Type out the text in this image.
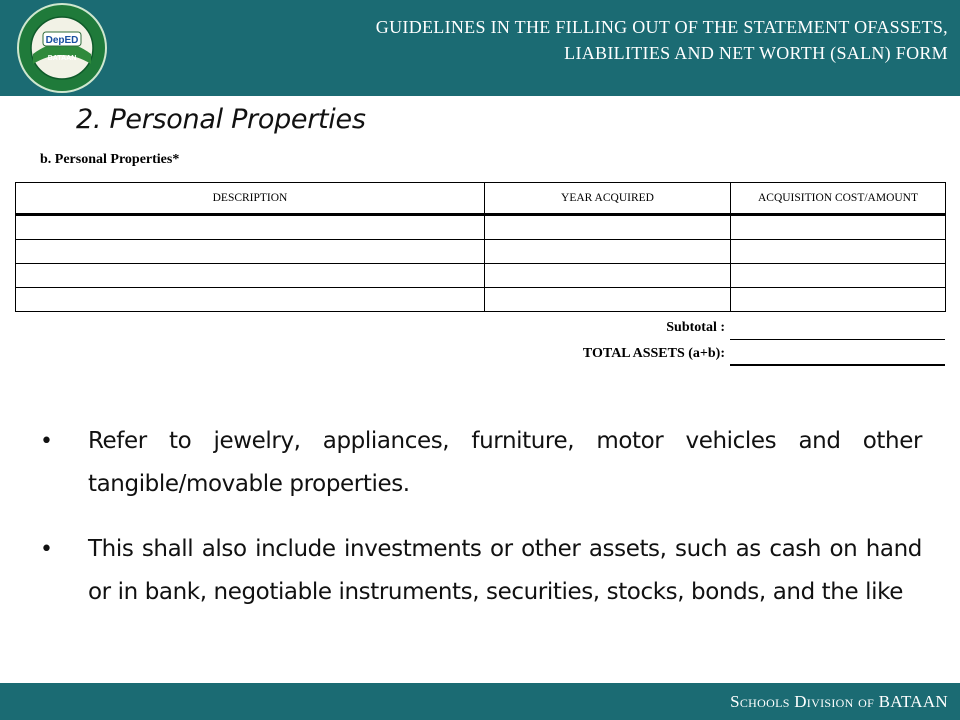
DepED
BATAAN
GUIDELINES IN THE FILLING OUT OF THE STATEMENT OFASSETS,
LIABILITIES AND NET WORTH (SALN) FORM
2. Personal Properties
b. Personal Properties*
DESCRIPTION	YEAR ACQUIRED	ACQUISITION COST/AMOUNT

Subtotal :
TOTAL ASSETS (a+b):
• Refer to jewelry, appliances, furniture, motor vehicles and other tangible/movable properties.
• This shall also include investments or other assets, such as cash on hand or in bank, negotiable instruments, securities, stocks, bonds, and the like
Schools Division of BATAAN
